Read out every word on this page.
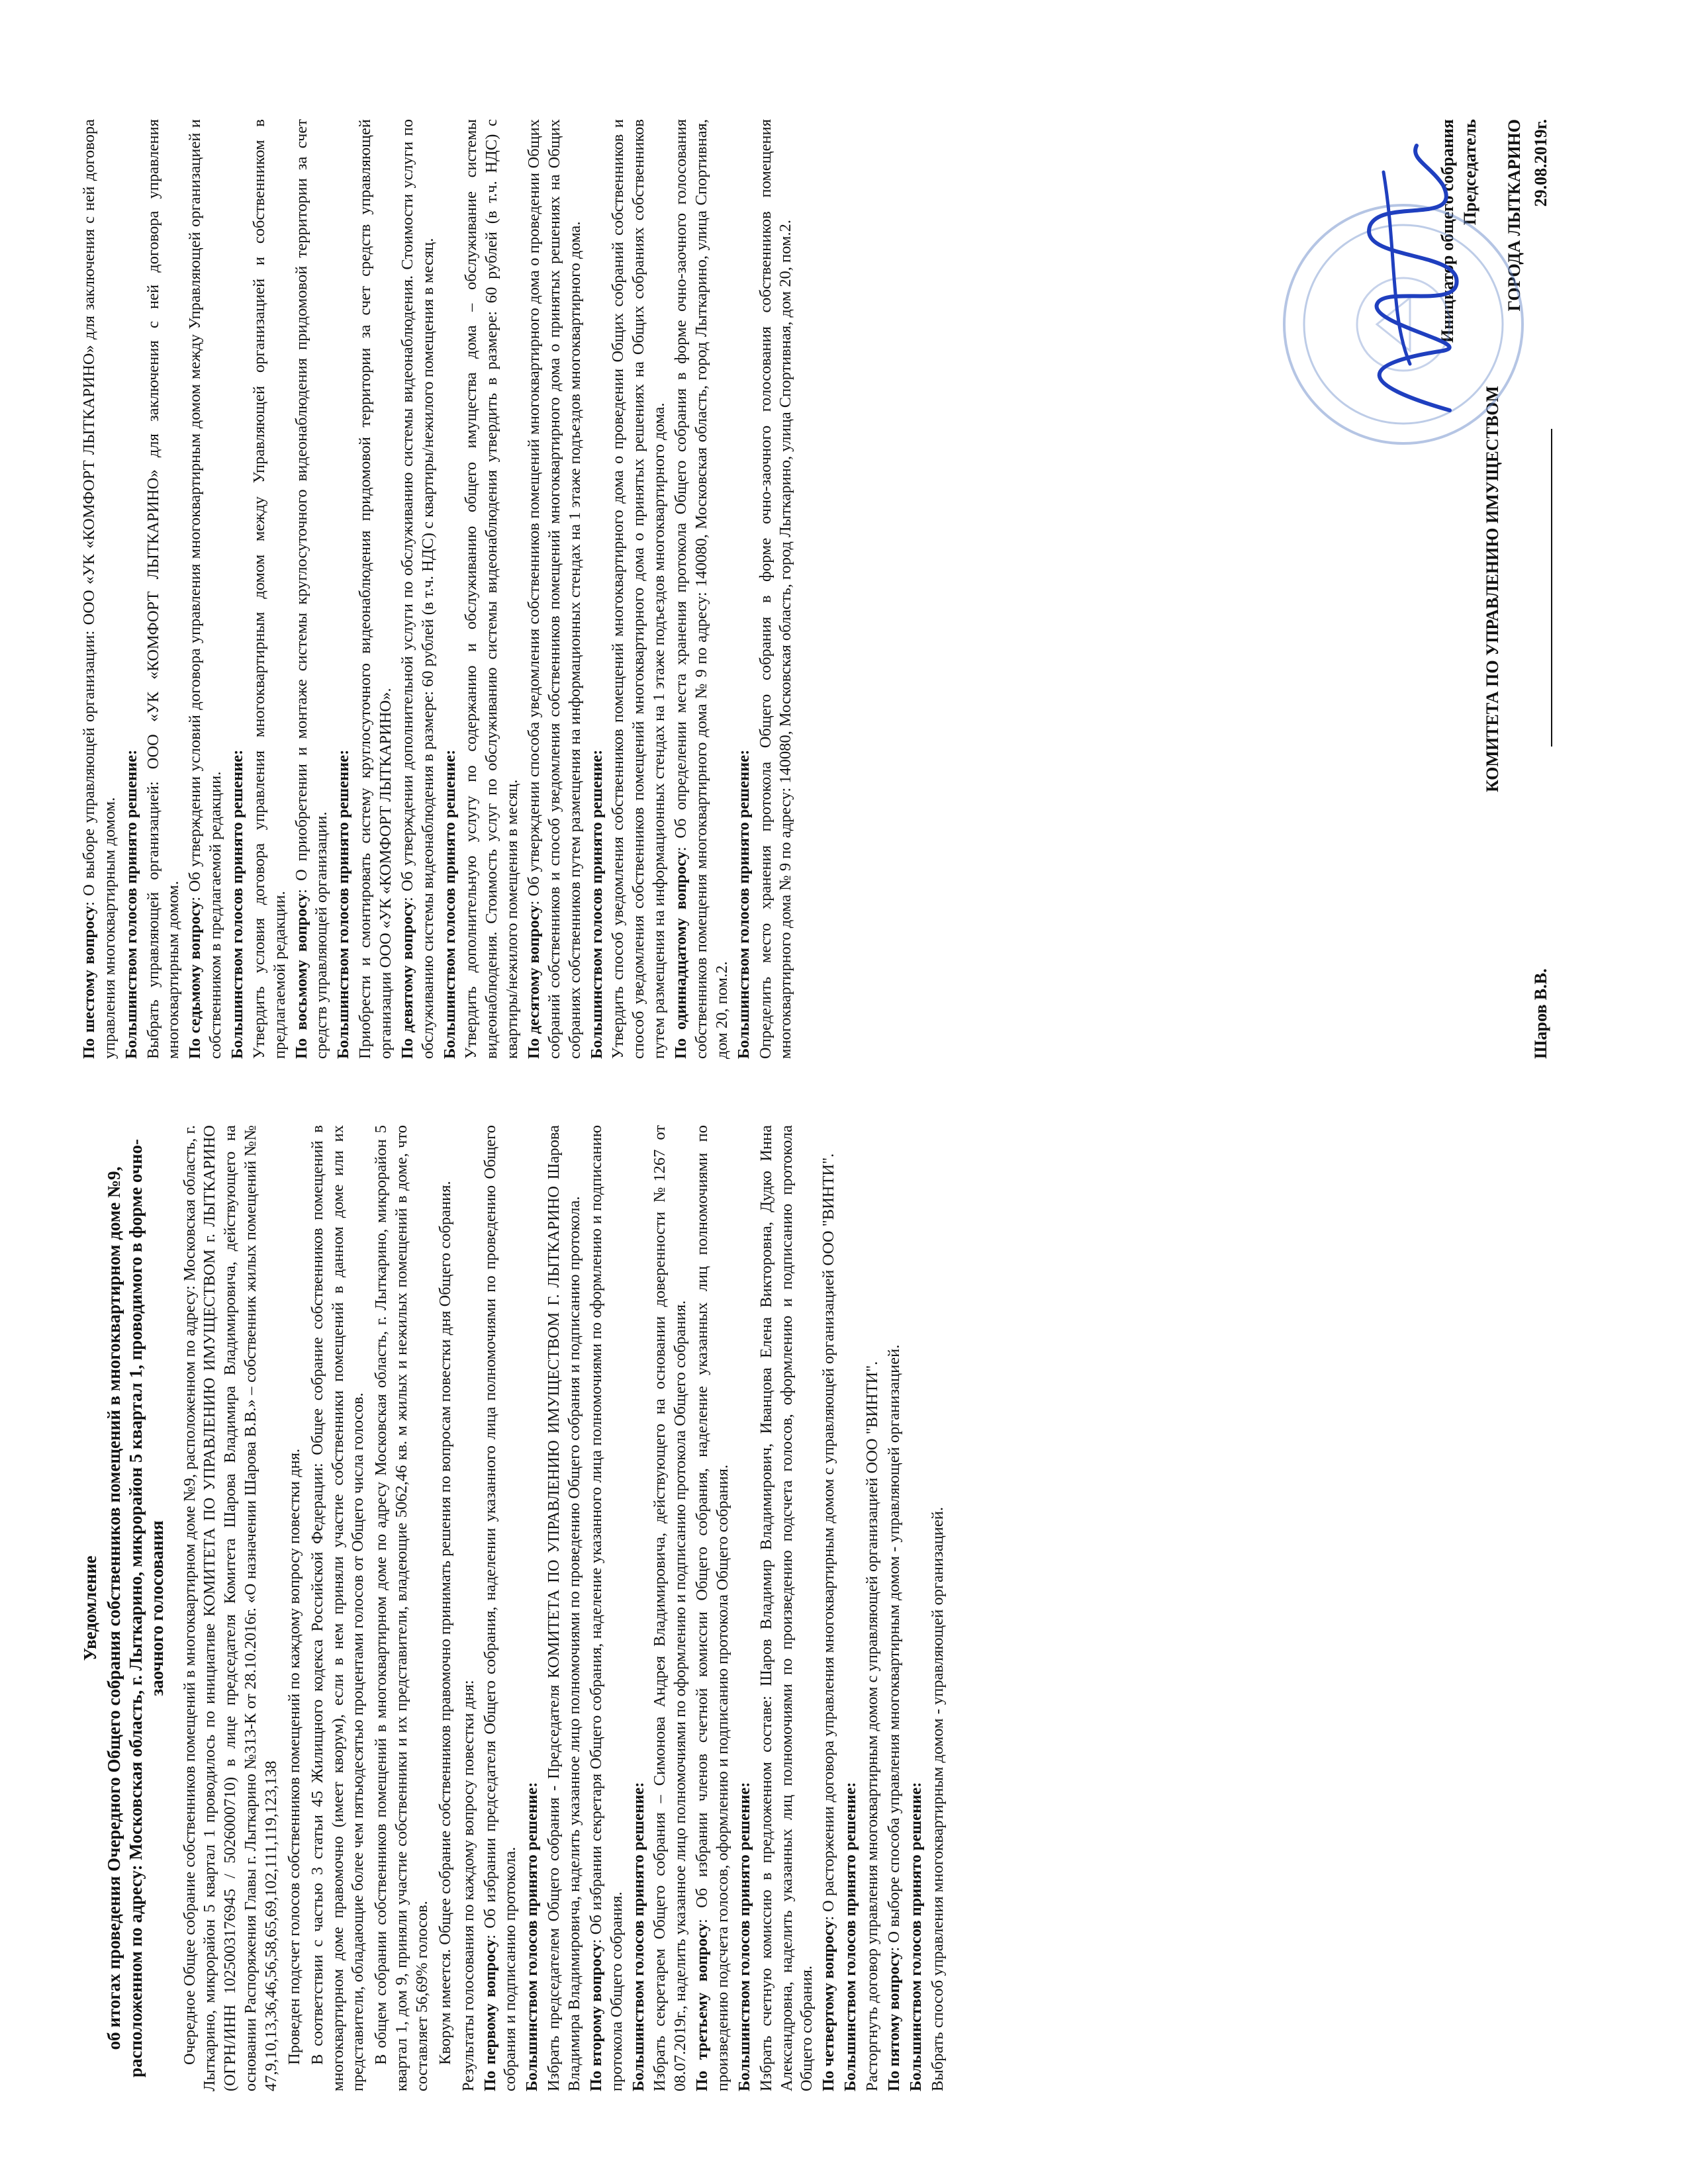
Уведомление об итогах проведения Очередного Общего собрания собственников помещений в многоквартирном доме №9, расположенном по адресу: Московская область, г. Лыткарино, микрорайон 5 квартал 1, проводимого в форме очно-заочного голосования Очередное Общее собрание собственников помещений в многоквартирном доме №9, расположенном по адресу: Московская область, г. Лыткарино, микрорайон 5 квартал 1 проводилось по инициативе КОМИТЕТА ПО УПРАВЛЕНИЮ ИМУЩЕСТВОМ г. ЛЫТКАРИНО (ОГРН/ИНН 1025003176945 / 5026000710) в лице председателя Комитета Шарова Владимира Владимировича, действующего на основании Распоряжения Главы г. Лыткарино №313-К от 28.10.2016г. «О назначении Шарова В.В.» – собственник жилых помещений №№ 47,9,10,13,36,46,56,58,65,69,102,111,119,123,138 Проведен подсчет голосов собственников помещений по каждому вопросу повестки дня. В соответствии с частью 3 статьи 45 Жилищного кодекса Российской Федерации: Общее собрание собственников помещений в многоквартирном доме правомочно (имеет кворум), если в нем приняли участие собственники помещений в данном доме или их представители, обладающие более чем пятьюдесятью процентами голосов от Общего числа голосов. В общем собрании собственников помещений в многоквартирном доме по адресу Московская область, г. Лыткарино, микрорайон 5 квартал 1, дом 9, приняли участие собственники и их представители, владеющие 5062,46 кв. м жилых и нежилых помещений в доме, что составляет 56,69% голосов. Кворум имеется. Общее собрание собственников правомочно принимать решения по вопросам повестки дня Общего собрания. Результаты голосования по каждому вопросу повестки дня: По первому вопросу: Об избрании председателя Общего собрания, наделении указанного лица полномочиями по проведению Общего собрания и подписанию протокола. Большинством голосов принято решение: Избрать председателем Общего собрания - Председателя КОМИТЕТА ПО УПРАВЛЕНИЮ ИМУЩЕСТВОМ Г. ЛЫТКАРИНО Шарова Владимира Владимировича, наделить указанное лицо полномочиями по проведению Общего собрания и подписанию протокола. По второму вопросу: Об избрании секретаря Общего собрания, наделение указанного лица полномочиями по оформлению и подписанию протокола Общего собрания. Большинством голосов принято решение: Избрать секретарем Общего собрания – Симонова Андрея Владимировича, действующего на основании доверенности №1267 от 08.07.2019г., наделить указанное лицо полномочиями по оформлению и подписанию протокола Общего собрания. По третьему вопросу: Об избрании членов счетной комиссии Общего собрания, наделение указанных лиц полномочиями по произведению подсчета голосов, оформлению и подписанию протокола Общего собрания. Большинством голосов принято решение: Избрать счетную комиссию в предложенном составе: Шаров Владимир Владимирович, Иванцова Елена Викторовна, Дудко Инна Александровна, наделить указанных лиц полномочиями по произведению подсчета голосов, оформлению и подписанию протокола Общего собрания. По четвертому вопросу: О расторжении договора управления многоквартирным домом с управляющей организацией ООО "ВИНТИ".
Большинством голосов принято решение: Расторгнуть договор управления многоквартирным домом с управляющей организацией ООО "ВИНТИ". По пятому вопросу: О выборе способа управления многоквартирным домом - управляющей организацией. Большинством голосов принято решение: Выбрать способ управления многоквартирным домом - управляющей организацией.
По шестому вопросу: О выборе управляющей организации: ООО «УК «КОМФОРТ ЛЫТКАРИНО» для заключения с ней договора управления многоквартирным домом. Большинством голосов принято решение: Выбрать управляющей организацией: ООО «УК «КОМФОРТ ЛЫТКАРИНО» для заключения с ней договора управления многоквартирным домом. По седьмому вопросу: Об утверждении условий договора управления многоквартирным домом между Управляющей организацией и собственником в предлагаемой редакции. Большинством голосов принято решение: Утвердить условия договора управления многоквартирным домом между Управляющей организацией и собственником в предлагаемой редакции. По восьмому вопросу: О приобретении и монтаже системы круглосуточного видеонаблюдения придомовой территории за счет средств управляющей организации. Большинством голосов принято решение: Приобрести и смонтировать систему круглосуточного видеонаблюдения придомовой территории за счет средств управляющей организации ООО «УК «КОМФОРТ ЛЫТКАРИНО». По девятому вопросу: Об утверждении дополнительной услуги по обслуживанию системы видеонаблюдения. Стоимости услуги по обслуживанию системы видеонаблюдения в размере: 60 рублей (в т.ч. НДС) с квартиры/нежилого помещения в месяц. Большинством голосов принято решение: Утвердить дополнительную услугу по содержанию и обслуживанию общего имущества дома – обслуживание системы видеонаблюдения. Стоимость услуг по обслуживанию системы видеонаблюдения утвердить в размере: 60 рублей (в т.ч. НДС) с квартиры/нежилого помещения в месяц. По десятому вопросу: Об утверждении способа уведомления собственников помещений многоквартирного дома о проведении Общих собраний собственников и способ уведомления собственников помещений многоквартирного дома о принятых решениях на Общих собраниях собственников путем размещения на информационных стендах на 1 этаже подъездов многоквартирного дома. Большинством голосов принято решение: Утвердить способ уведомления собственников помещений многоквартирного дома о проведении Общих собраний собственников и способ уведомления собственников помещений многоквартирного дома о принятых решениях на Общих собраниях собственников путем размещения на информационных стендах на 1 этаже подъездов многоквартирного дома. По одиннадцатому вопросу: Об определении места хранения протокола Общего собрания в форме очно-заочного голосования собственников помещения многоквартирного дома № 9 по адресу: 140080, Московская область, город Лыткарино, улица Спортивная, дом 20, пом.2. Большинством голосов принято решение: Определить место хранения протокола Общего собрания в форме очно-заочного голосования собственников помещения многоквартирного дома № 9 по адресу: 140080, Московская область, город Лыткарино, улица Спортивная, дом 20, пом.2.	Инициатор общего собрания Председатель
КОМИТЕТА ПО УПРАВЛЕНИЮ ИМУЩЕСТВОМ
ГОРОДА ЛЫТКАРИНО
Шаров В.В.
29.08.2019г.
